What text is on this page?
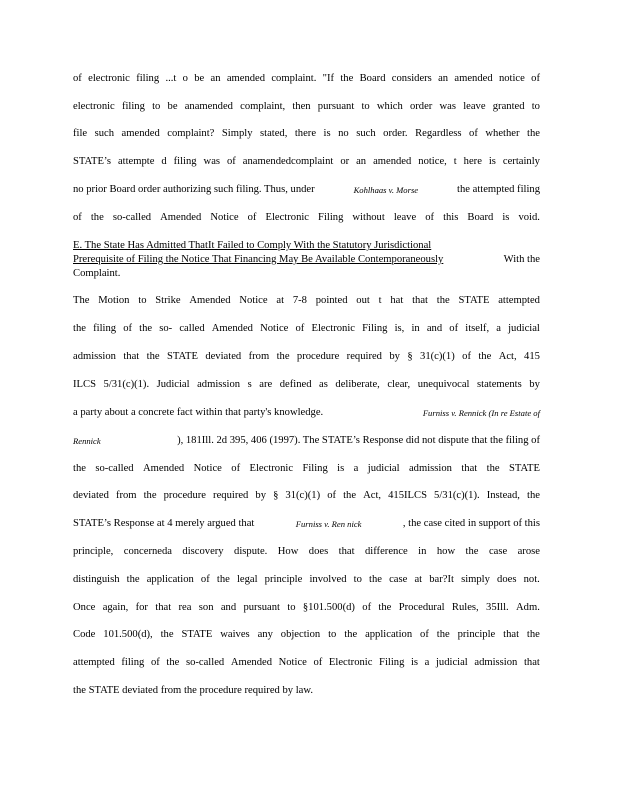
of electronic filing ...t o be an amended complaint. "If the Board considers an amended notice of
electronic filing to be anamended complaint, then pursuant to which order was leave granted to
file such amended complaint? Simply stated, there is no such order. Regardless of whether the
STATE’s attempte d filing was of anamendedcomplaint or an amended notice, t here is certainly
no prior Board order authorizing such filing. Thus, under	Kohlhaas v. Morse	the attempted filing
of the so-called Amended Notice of Electronic Filing without leave of this Board is void.
E. The State Has Admitted ThatIt Failed to Comply With the Statutory Jurisdictional
Prerequisite of Filing the Notice That Financing May Be Available Contemporaneously	With the
Complaint.
The Motion to Strike Amended Notice at 7-8 pointed out t hat that the STATE attempted
the filing of the so- called Amended Notice of Electronic Filing is, in and of itself, a judicial
admission that the STATE deviated from the procedure required by § 31(c)(1) of the Act, 415
ILCS 5/31(c)(1). Judicial admission s are defined as deliberate, clear, unequivocal statements by
a party about a concrete fact within that party's knowledge.	Furniss v. Rennick (In re Estate of
Rennick	), 181Ill. 2d 395, 406 (1997). The STATE’s Response did not dispute that the filing of
the so-called Amended Notice of Electronic Filing is a judicial admission that the STATE
deviated from the procedure required by § 31(c)(1) of the Act, 415ILCS 5/31(c)(1). Instead, the
STATE’s Response at 4 merely argued that	Furniss v. Ren nick	, the case cited in support of this
principle, concerneda discovery dispute. How does that difference in how the case arose
distinguish the application of the legal principle involved to the case at bar?It simply does not.
Once again, for that rea son and pursuant to §101.500(d) of the Procedural Rules, 35Ill. Adm.
Code 101.500(d), the STATE waives any objection to the application of the principle that the
attempted filing of the so-called Amended Notice of Electronic Filing is a judicial admission that
the STATE deviated from the procedure required by law.
